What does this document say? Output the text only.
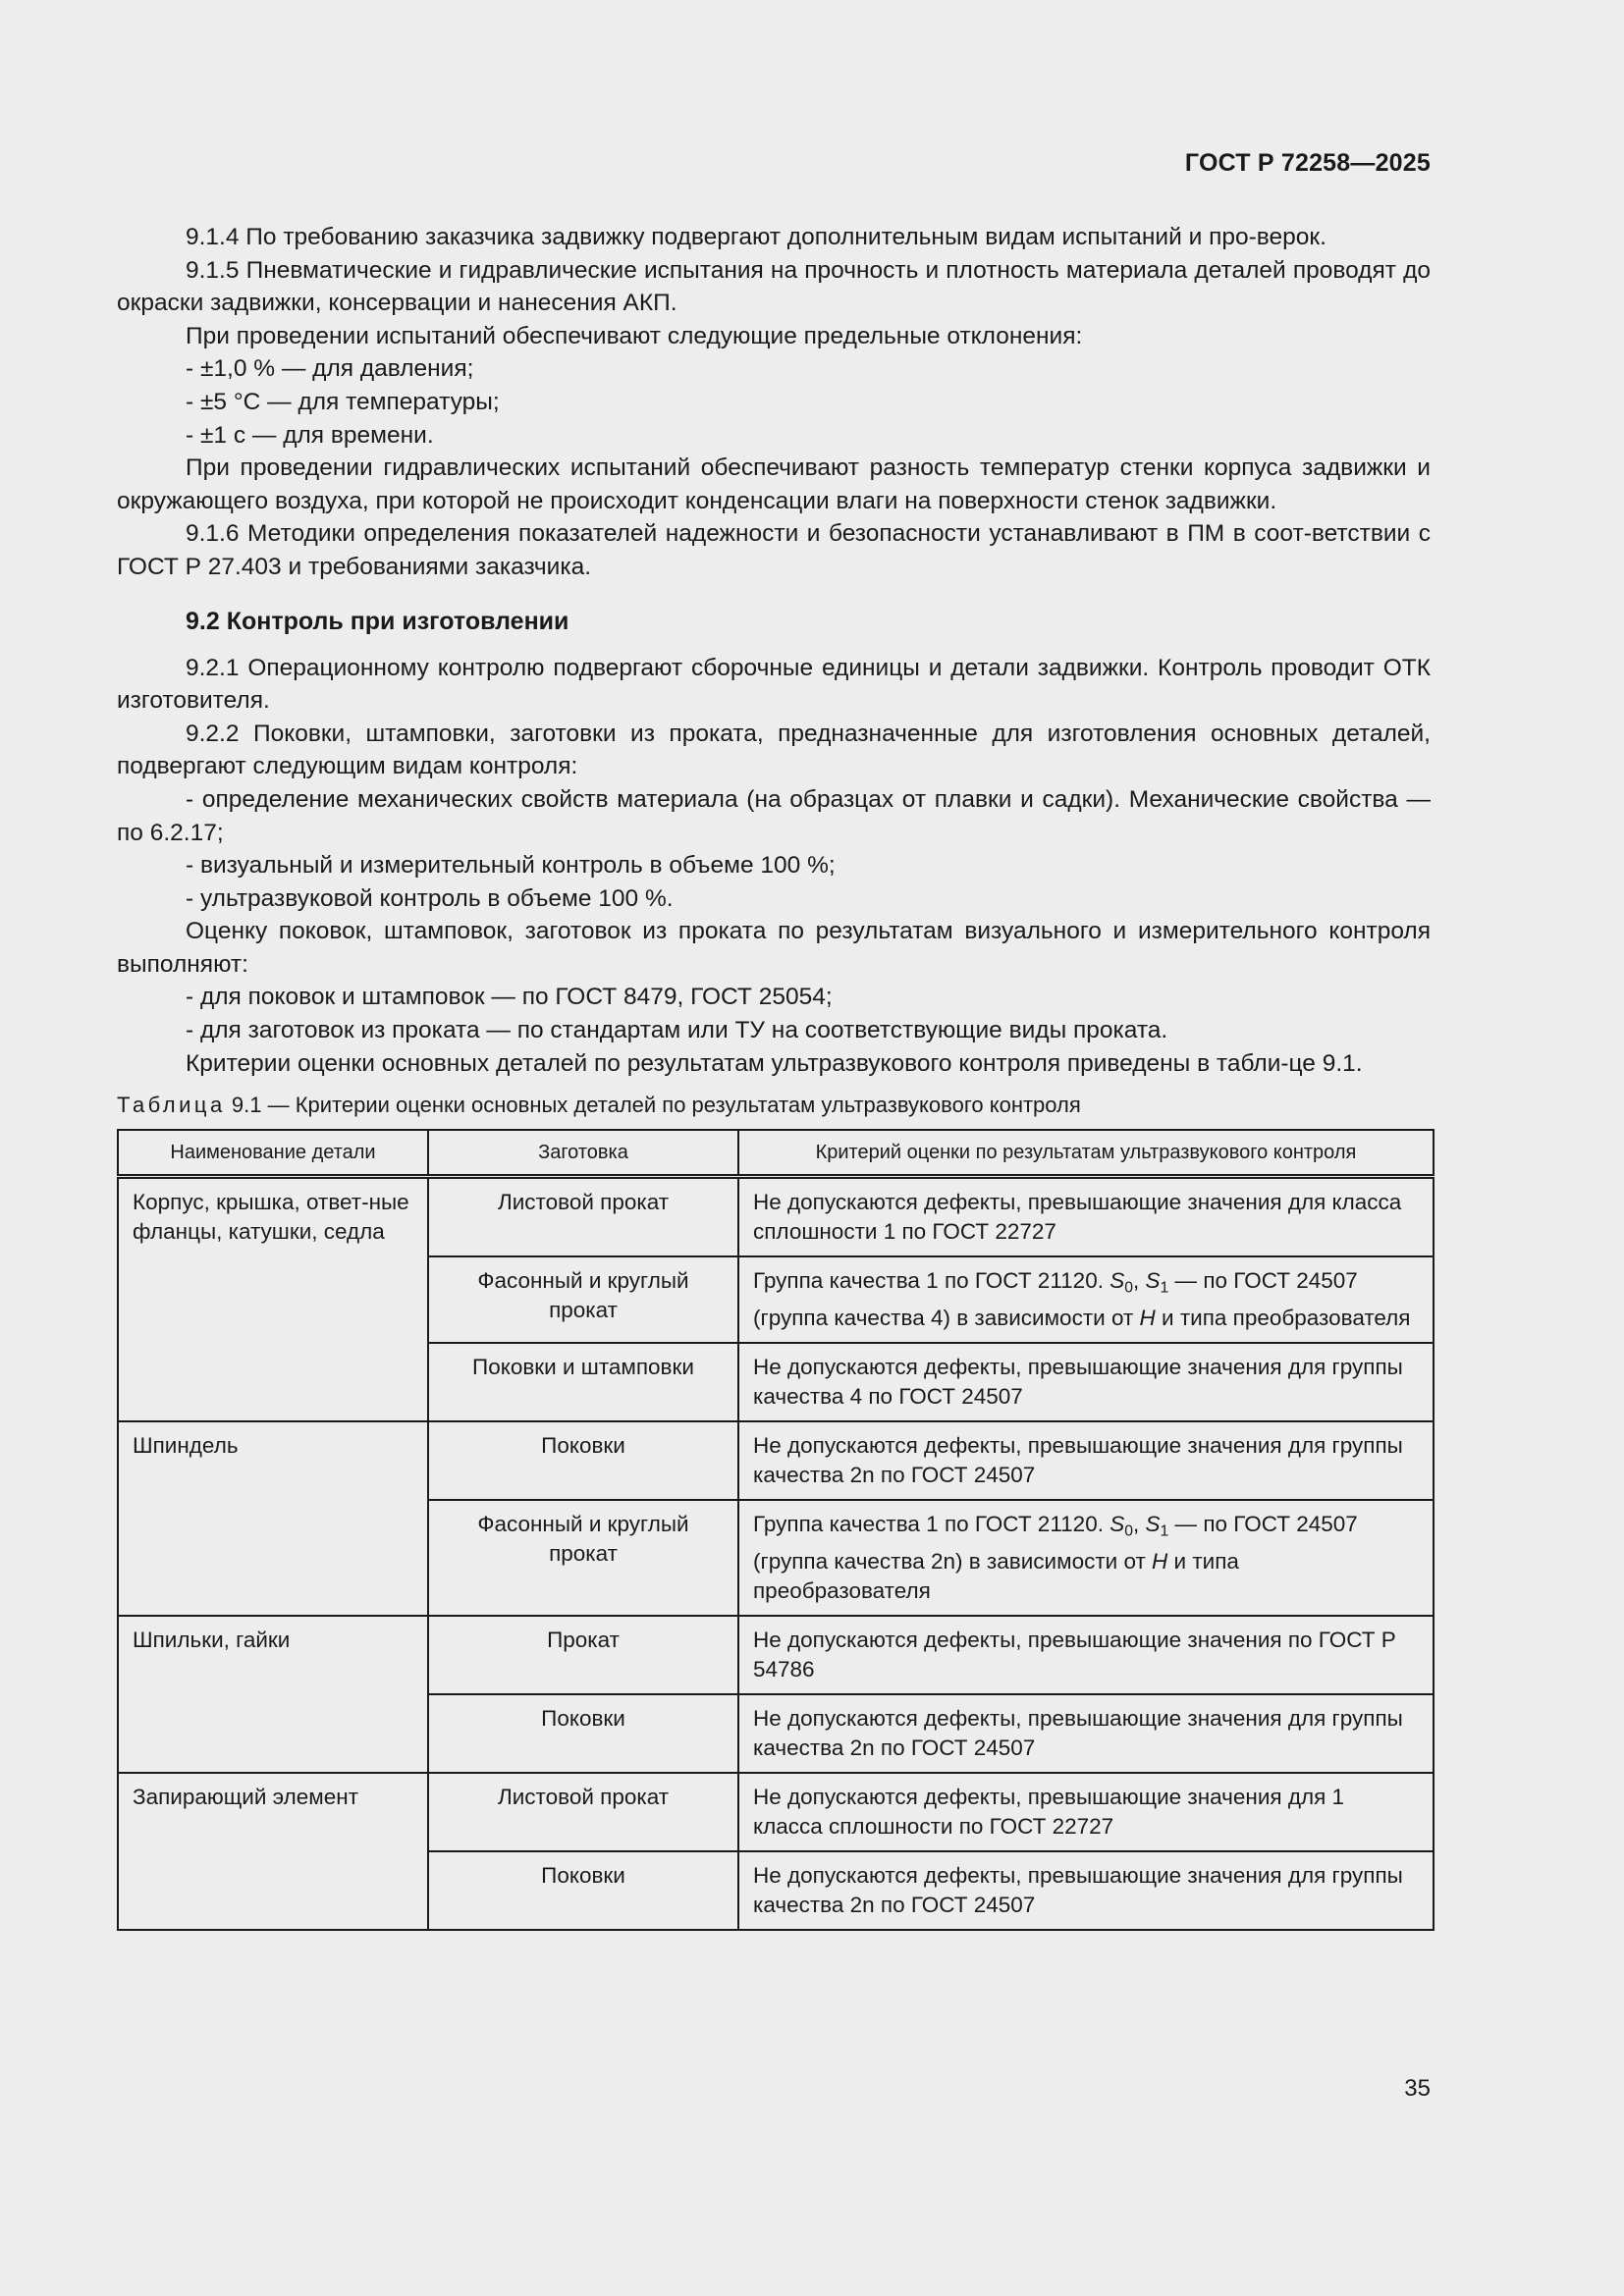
ГОСТ Р 72258—2025

9.1.4 По требованию заказчика задвижку подвергают дополнительным видам испытаний и про-верок.

9.1.5 Пневматические и гидравлические испытания на прочность и плотность материала деталей проводят до окраски задвижки, консервации и нанесения АКП.

При проведении испытаний обеспечивают следующие предельные отклонения:

- ±1,0 % — для давления;

- ±5 °С — для температуры;

- ±1 с — для времени.

При проведении гидравлических испытаний обеспечивают разность температур стенки корпуса задвижки и окружающего воздуха, при которой не происходит конденсации влаги на поверхности стенок задвижки.

9.1.6 Методики определения показателей надежности и безопасности устанавливают в ПМ в соот-ветствии с ГОСТ Р 27.403 и требованиями заказчика.

9.2 Контроль при изготовлении

9.2.1 Операционному контролю подвергают сборочные единицы и детали задвижки. Контроль проводит ОТК изготовителя.

9.2.2 Поковки, штамповки, заготовки из проката, предназначенные для изготовления основных деталей, подвергают следующим видам контроля:

- определение механических свойств материала (на образцах от плавки и садки). Механические свойства — по 6.2.17;

- визуальный и измерительный контроль в объеме 100 %;

- ультразвуковой контроль в объеме 100 %.

Оценку поковок, штамповок, заготовок из проката по результатам визуального и измерительного контроля выполняют:

- для поковок и штамповок — по ГОСТ 8479, ГОСТ 25054;

- для заготовок из проката — по стандартам или ТУ на соответствующие виды проката.

Критерии оценки основных деталей по результатам ультразвукового контроля приведены в табли-це 9.1.

Таблица 9.1 — Критерии оценки основных деталей по результатам ультразвукового контроля
Наименование детали	Заготовка	Критерий оценки по результатам ультразвукового контроля
Корпус, крышка, ответ-ные фланцы, катушки, седла	Листовой прокат	Не допускаются дефекты, превышающие значения для класса сплошности 1 по ГОСТ 22727
	Фасонный и круглый прокат	Группа качества 1 по ГОСТ 21120. $S_0$, $S_1$ — по ГОСТ 24507 (группа качества 4) в зависимости от H и типа преобразователя
	Поковки и штамповки	Не допускаются дефекты, превышающие значения для группы качества 4 по ГОСТ 24507
Шпиндель	Поковки	Не допускаются дефекты, превышающие значения для группы качества 2n по ГОСТ 24507
	Фасонный и круглый прокат	Группа качества 1 по ГОСТ 21120. $S_0$, $S_1$ — по ГОСТ 24507 (группа качества 2n) в зависимости от H и типа преобразователя
Шпильки, гайки	Прокат	Не допускаются дефекты, превышающие значения по ГОСТ Р 54786
	Поковки	Не допускаются дефекты, превышающие значения для группы качества 2n по ГОСТ 24507
Запирающий элемент	Листовой прокат	Не допускаются дефекты, превышающие значения для 1 класса сплошности по ГОСТ 22727
	Поковки	Не допускаются дефекты, превышающие значения для группы качества 2n по ГОСТ 24507
35
